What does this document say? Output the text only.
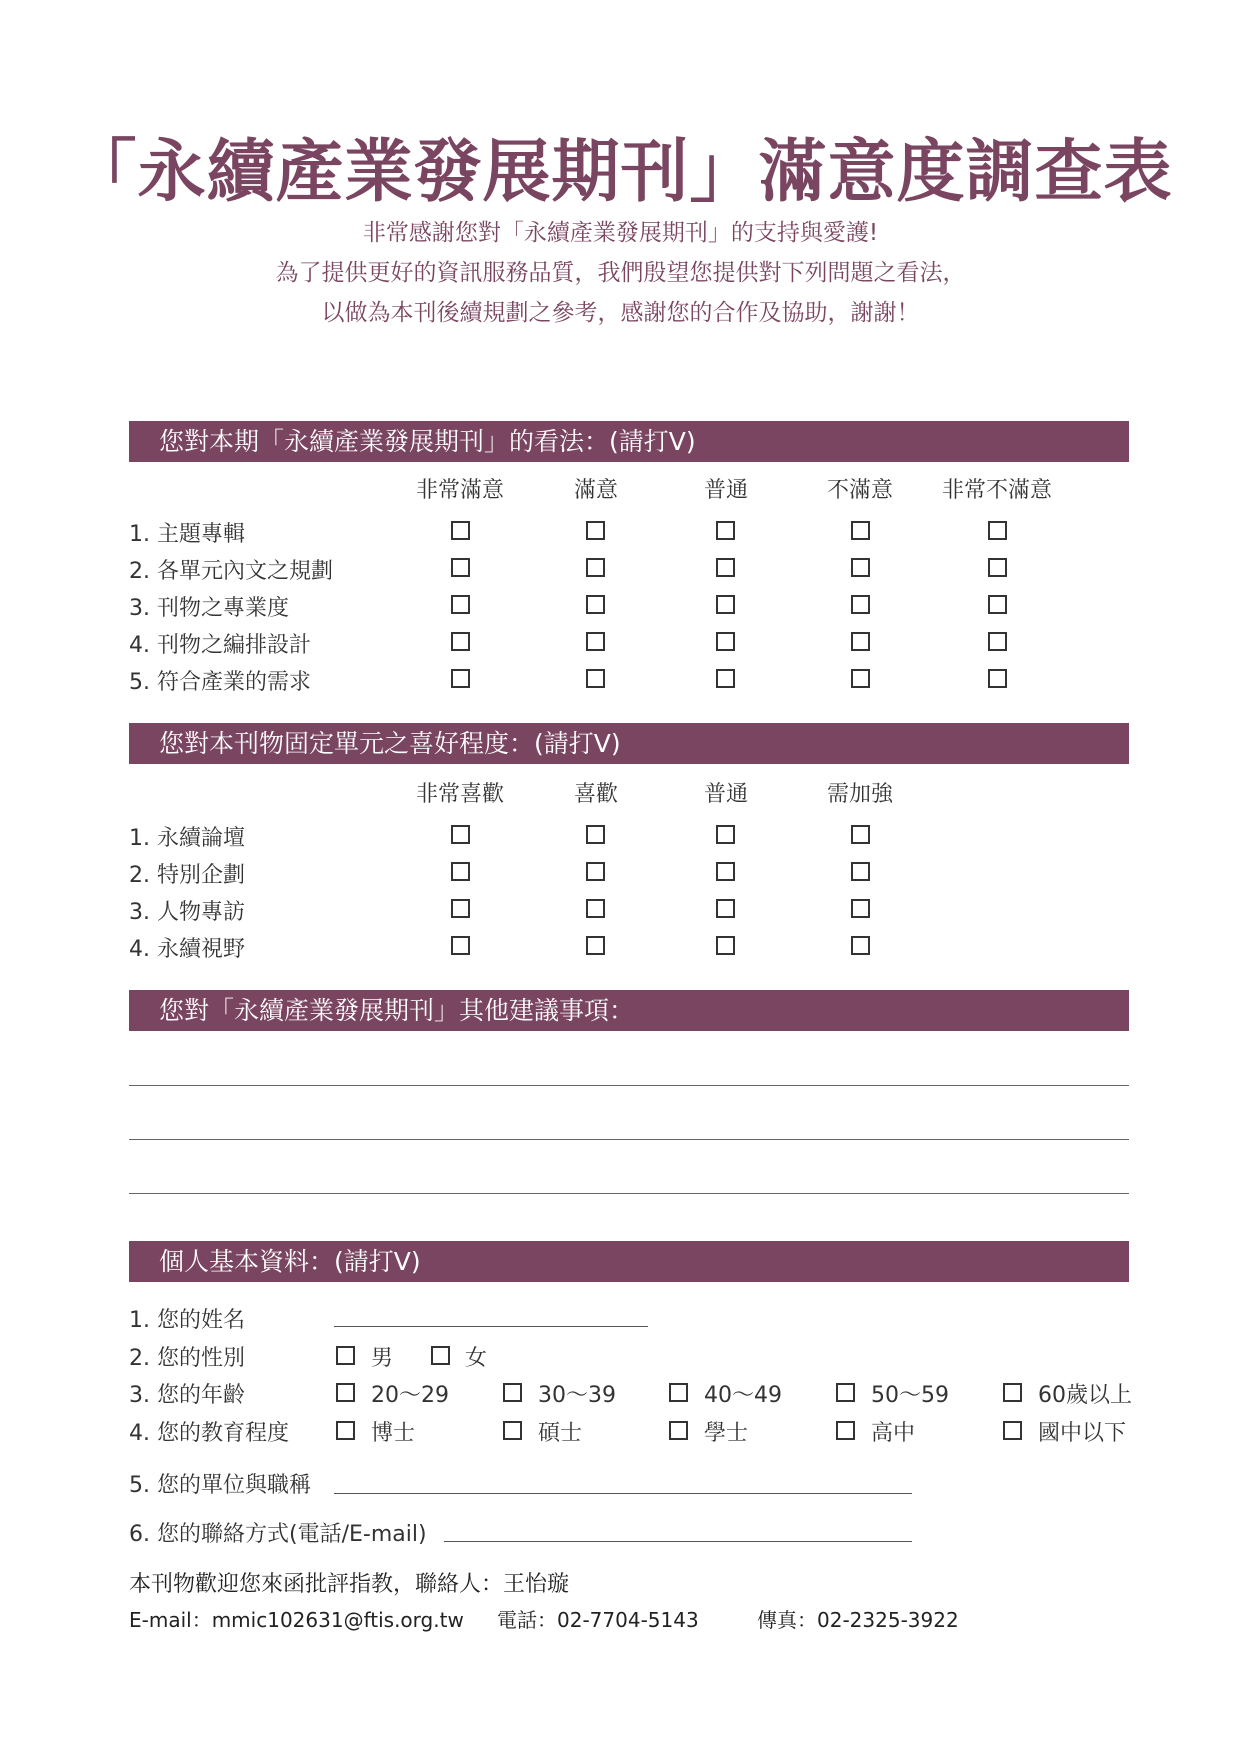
「永續產業發展期刊」滿意度調查表
非常感謝您對「永續產業發展期刊」的支持與愛護!
為了提供更好的資訊服務品質，我們殷望您提供對下列問題之看法，
以做為本刊後續規劃之參考，感謝您的合作及協助，謝謝！
您對本期「永續產業發展期刊」的看法：(請打V)
非常滿意	滿意	普通	不滿意	非常不滿意
1. 主題專輯
2. 各單元內文之規劃
3. 刊物之專業度
4. 刊物之編排設計
5. 符合產業的需求
您對本刊物固定單元之喜好程度：(請打V)
非常喜歡	喜歡	普通	需加強
1. 永續論壇
2. 特別企劃
3. 人物專訪
4. 永續視野
您對「永續產業發展期刊」其他建議事項：
個人基本資料：(請打V)
1. 您的姓名
2. 您的性別	男	女
3. 您的年齡	20～29	30～39	40～49	50～59	60歲以上
4. 您的教育程度	博士	碩士	學士	高中	國中以下
5. 您的單位與職稱
6. 您的聯絡方式(電話/E-mail)
本刊物歡迎您來函批評指教，聯絡人：王怡璇
E-mail：mmic102631@ftis.org.tw 電話：02-7704-5143	傳真：02-2325-3922
